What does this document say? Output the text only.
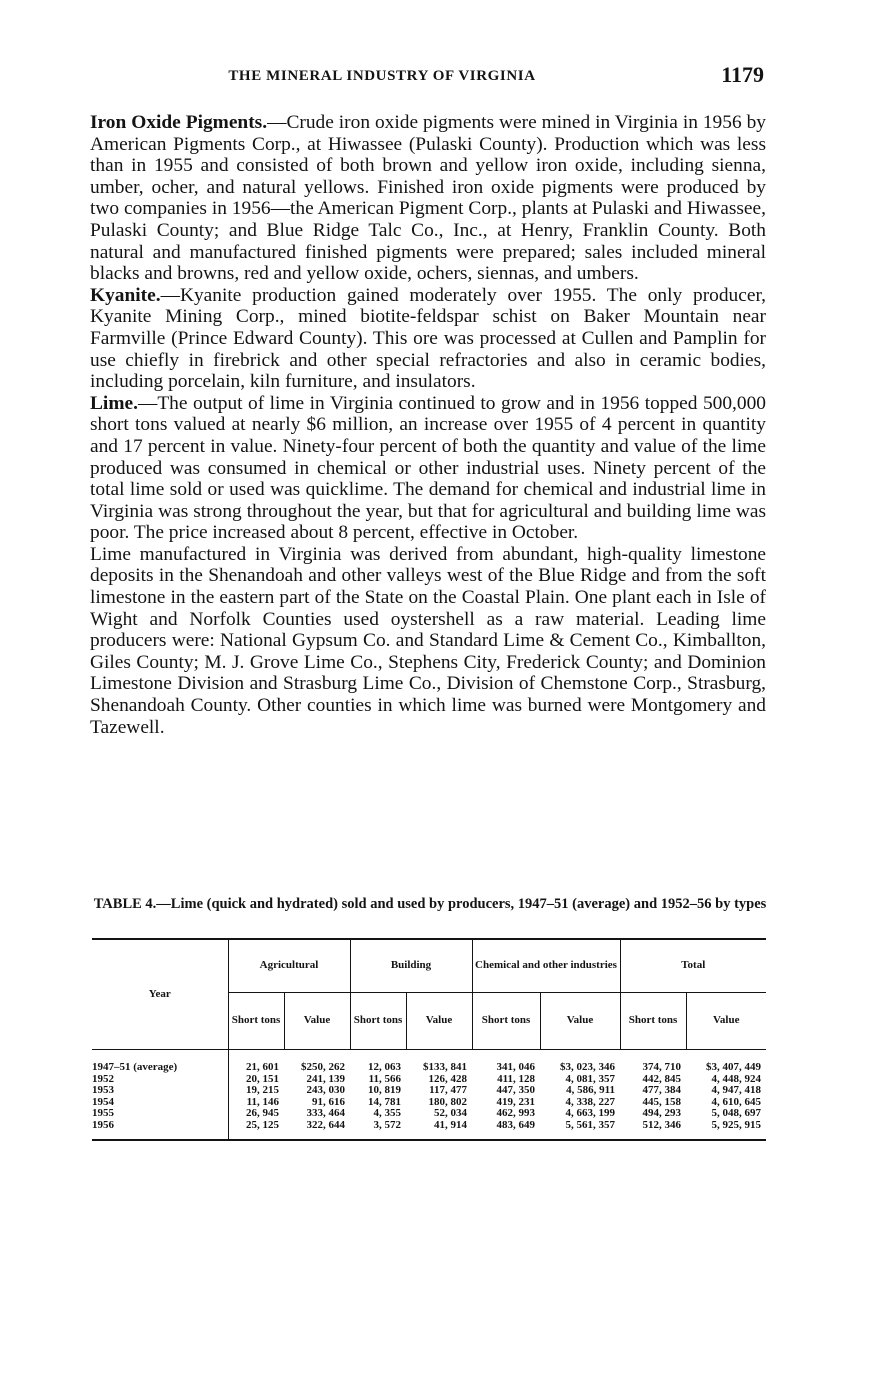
THE MINERAL INDUSTRY OF VIRGINIA	1179

Iron Oxide Pigments.—Crude iron oxide pigments were mined in Virginia in 1956 by American Pigments Corp., at Hiwassee (Pulaski County). Production which was less than in 1955 and consisted of both brown and yellow iron oxide, including sienna, umber, ocher, and natural yellows. Finished iron oxide pigments were produced by two companies in 1956—the American Pigment Corp., plants at Pulaski and Hiwassee, Pulaski County; and Blue Ridge Talc Co., Inc., at Henry, Franklin County. Both natural and manufactured finished pigments were prepared; sales included mineral blacks and browns, red and yellow oxide, ochers, siennas, and umbers.

Kyanite.—Kyanite production gained moderately over 1955. The only producer, Kyanite Mining Corp., mined biotite-feldspar schist on Baker Mountain near Farmville (Prince Edward County). This ore was processed at Cullen and Pamplin for use chiefly in firebrick and other special refractories and also in ceramic bodies, including porcelain, kiln furniture, and insulators.

Lime.—The output of lime in Virginia continued to grow and in 1956 topped 500,000 short tons valued at nearly $6 million, an increase over 1955 of 4 percent in quantity and 17 percent in value. Ninety-four percent of both the quantity and value of the lime produced was consumed in chemical or other industrial uses. Ninety percent of the total lime sold or used was quicklime. The demand for chemical and industrial lime in Virginia was strong throughout the year, but that for agricultural and building lime was poor. The price increased about 8 percent, effective in October.

Lime manufactured in Virginia was derived from abundant, high-quality limestone deposits in the Shenandoah and other valleys west of the Blue Ridge and from the soft limestone in the eastern part of the State on the Coastal Plain. One plant each in Isle of Wight and Norfolk Counties used oystershell as a raw material. Leading lime producers were: National Gypsum Co. and Standard Lime & Cement Co., Kimballton, Giles County; M. J. Grove Lime Co., Stephens City, Frederick County; and Dominion Limestone Division and Strasburg Lime Co., Division of Chemstone Corp., Strasburg, Shenandoah County. Other counties in which lime was burned were Montgomery and Tazewell.

TABLE 4.—Lime (quick and hydrated) sold and used by producers, 1947–51 (average) and 1952–56 by types
Year	Agricultural		Building		Chemical and other industries		Total	
	Short tons	Value	Short tons	Value	Short tons	Value	Short tons	Value
1947–51 (average)	21, 601	$250, 262	12, 063	$133, 841	341, 046	$3, 023, 346	374, 710	$3, 407, 449
1952	20, 151	241, 139	11, 566	126, 428	411, 128	4, 081, 357	442, 845	4, 448, 924
1953	19, 215	243, 030	10, 819	117, 477	447, 350	4, 586, 911	477, 384	4, 947, 418
1954	11, 146	91, 616	14, 781	180, 802	419, 231	4, 338, 227	445, 158	4, 610, 645
1955	26, 945	333, 464	4, 355	52, 034	462, 993	4, 663, 199	494, 293	5, 048, 697
1956	25, 125	322, 644	3, 572	41, 914	483, 649	5, 561, 357	512, 346	5, 925, 915
